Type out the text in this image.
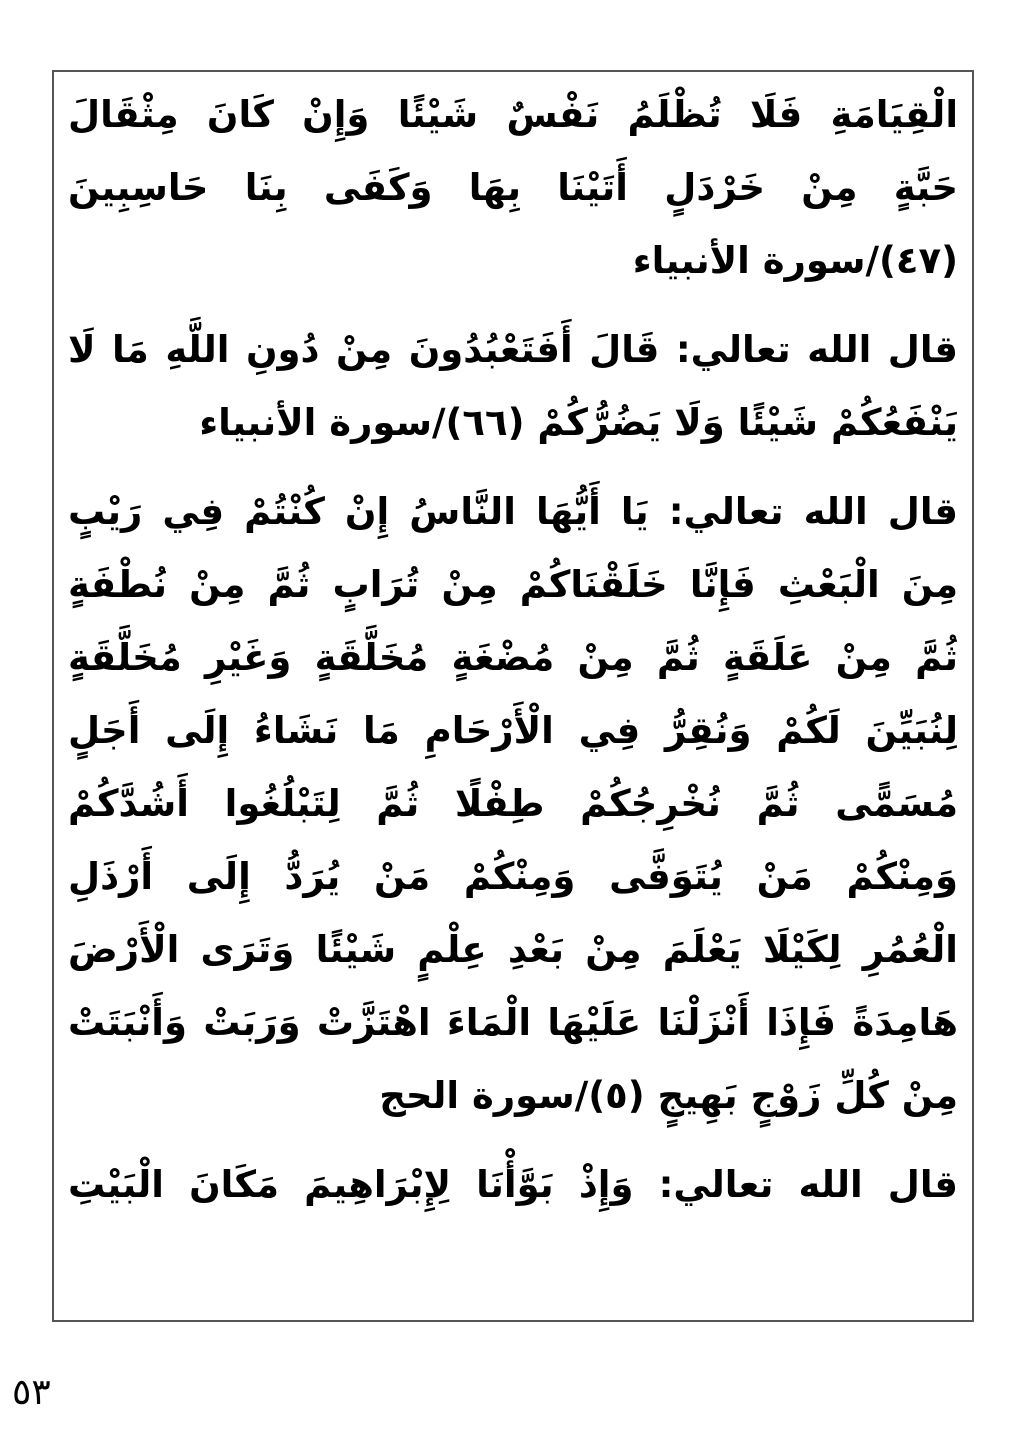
الْقِيَامَةِ فَلَا تُظْلَمُ نَفْسٌ شَيْئًا وَإِنْ كَانَ مِثْقَالَ
حَبَّةٍ مِنْ خَرْدَلٍ أَتَيْنَا بِهَا وَكَفَى بِنَا حَاسِبِينَ
(٤٧)/سورة الأنبياء
قال الله تعالي: قَالَ أَفَتَعْبُدُونَ مِنْ دُونِ اللَّهِ مَا لَا
يَنْفَعُكُمْ شَيْئًا وَلَا يَضُرُّكُمْ (٦٦)/سورة الأنبياء
قال الله تعالي: يَا أَيُّهَا النَّاسُ إِنْ كُنْتُمْ فِي رَيْبٍ
مِنَ الْبَعْثِ فَإِنَّا خَلَقْنَاكُمْ مِنْ تُرَابٍ ثُمَّ مِنْ نُطْفَةٍ
ثُمَّ مِنْ عَلَقَةٍ ثُمَّ مِنْ مُضْغَةٍ مُخَلَّقَةٍ وَغَيْرِ مُخَلَّقَةٍ
لِنُبَيِّنَ لَكُمْ وَنُقِرُّ فِي الْأَرْحَامِ مَا نَشَاءُ إِلَى أَجَلٍ
مُسَمًّى ثُمَّ نُخْرِجُكُمْ طِفْلًا ثُمَّ لِتَبْلُغُوا أَشُدَّكُمْ
وَمِنْكُمْ مَنْ يُتَوَفَّى وَمِنْكُمْ مَنْ يُرَدُّ إِلَى أَرْذَلِ
الْعُمُرِ لِكَيْلَا يَعْلَمَ مِنْ بَعْدِ عِلْمٍ شَيْئًا وَتَرَى الْأَرْضَ
هَامِدَةً فَإِذَا أَنْزَلْنَا عَلَيْهَا الْمَاءَ اهْتَزَّتْ وَرَبَتْ وَأَنْبَتَتْ
مِنْ كُلِّ زَوْجٍ بَهِيجٍ (٥)/سورة الحج
قال الله تعالي: وَإِذْ بَوَّأْنَا لِإِبْرَاهِيمَ مَكَانَ الْبَيْتِ
٥٣
